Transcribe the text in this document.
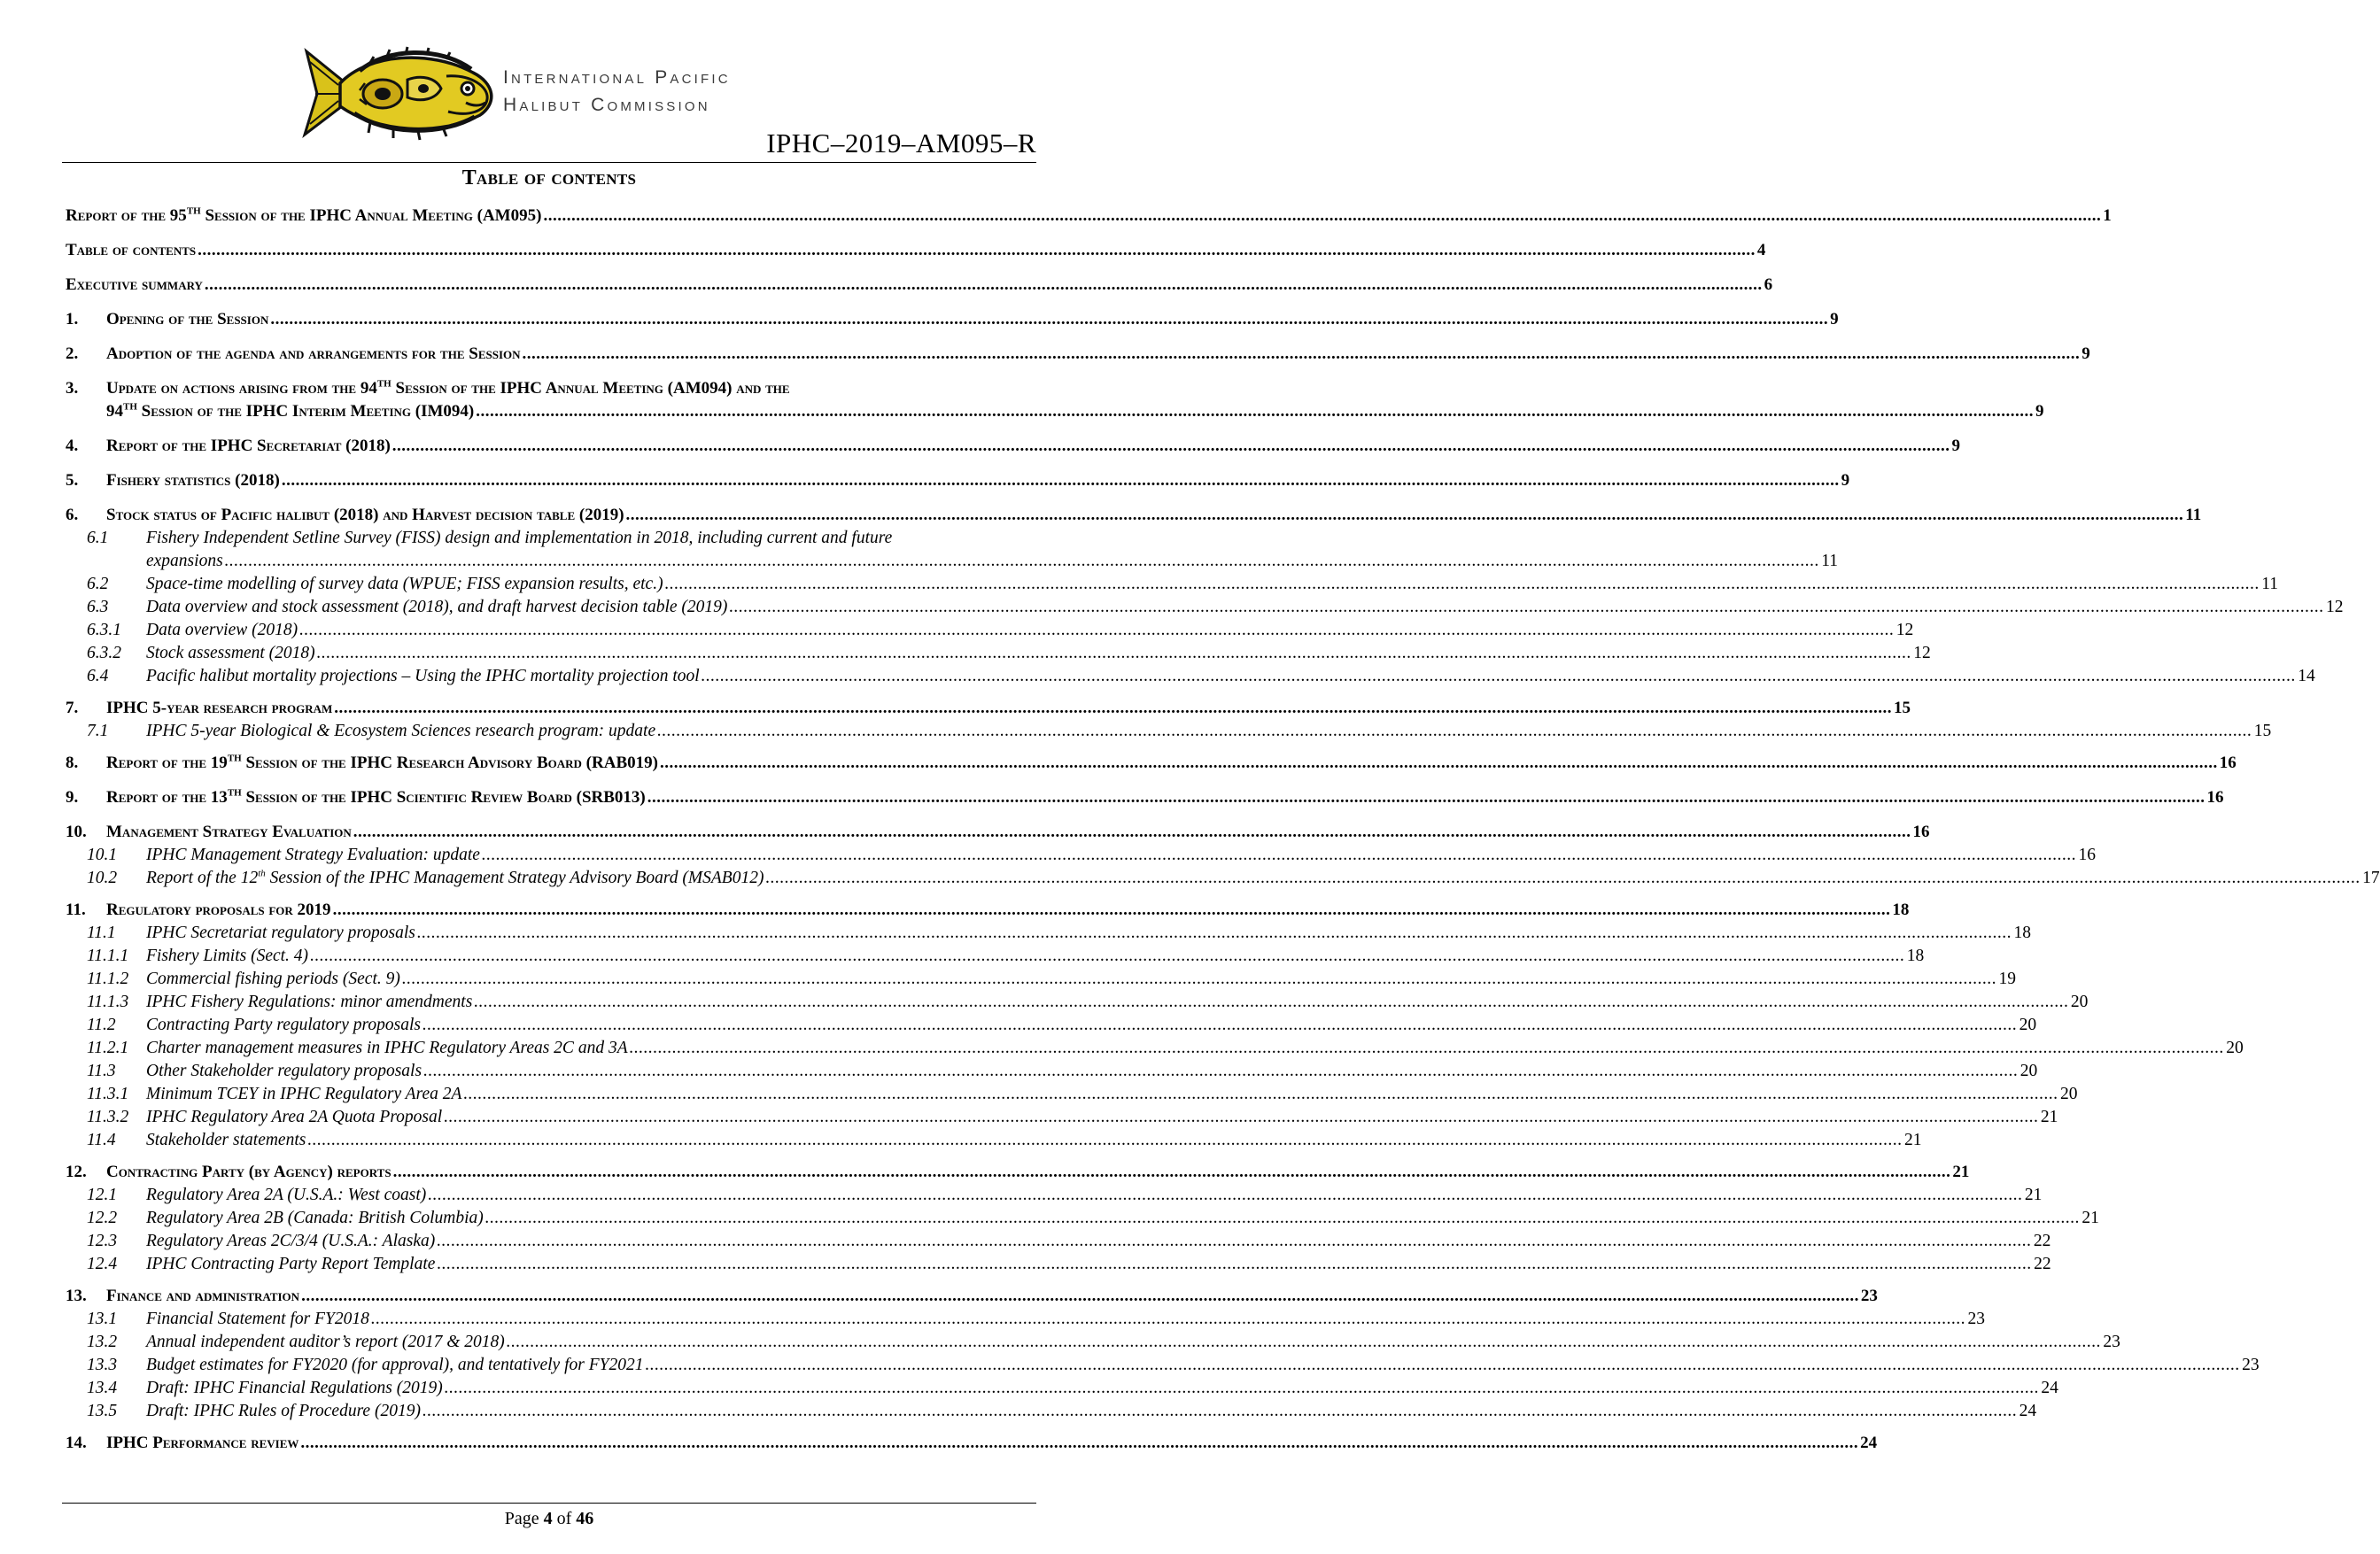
International Pacific
Halibut Commission
IPHC–2019–AM095–R
Table of contents
Report of the 95TH Session of the IPHC Annual Meeting (AM095) .....	1
Table of contents .....	4
Executive summary .....	6
1.	Opening of the Session .....	9
2.	Adoption of the agenda and arrangements for the Session .....	9
3.	Update on actions arising from the 94TH Session of the IPHC Annual Meeting (AM094) and the
94TH Session of the IPHC Interim Meeting (IM094) .....	9
4.	Report of the IPHC Secretariat (2018) .....	9
5.	Fishery statistics (2018) .....	9
6.	Stock status of Pacific halibut (2018) and Harvest decision table (2019) .....	11
6.1	Fishery Independent Setline Survey (FISS) design and implementation in 2018, including current and future
expansions .....	11
6.2	Space-time modelling of survey data (WPUE; FISS expansion results, etc.) .....	11
6.3	Data overview and stock assessment (2018), and draft harvest decision table (2019) .....	12
6.3.1	Data overview (2018) .....	12
6.3.2	Stock assessment (2018) .....	12
6.4	Pacific halibut mortality projections – Using the IPHC mortality projection tool .....	14
7.	IPHC 5-year research program .....	15
7.1	IPHC 5-year Biological & Ecosystem Sciences research program: update .....	15
8.	Report of the 19TH Session of the IPHC Research Advisory Board (RAB019) .....	16
9.	Report of the 13TH Session of the IPHC Scientific Review Board (SRB013) .....	16
10.	Management Strategy Evaluation .....	16
10.1	IPHC Management Strategy Evaluation: update .....	16
10.2	Report of the 12th Session of the IPHC Management Strategy Advisory Board (MSAB012) .....	17
11.	Regulatory proposals for 2019 .....	18
11.1	IPHC Secretariat regulatory proposals .....	18
11.1.1	Fishery Limits (Sect. 4) .....	18
11.1.2	Commercial fishing periods (Sect. 9) .....	19
11.1.3	IPHC Fishery Regulations: minor amendments .....	20
11.2	Contracting Party regulatory proposals .....	20
11.2.1	Charter management measures in IPHC Regulatory Areas 2C and 3A .....	20
11.3	Other Stakeholder regulatory proposals .....	20
11.3.1	Minimum TCEY in IPHC Regulatory Area 2A .....	20
11.3.2	IPHC Regulatory Area 2A Quota Proposal .....	21
11.4	Stakeholder statements .....	21
12.	Contracting Party (by Agency) reports .....	21
12.1	Regulatory Area 2A (U.S.A.: West coast) .....	21
12.2	Regulatory Area 2B (Canada: British Columbia) .....	21
12.3	Regulatory Areas 2C/3/4 (U.S.A.: Alaska) .....	22
12.4	IPHC Contracting Party Report Template .....	22
13.	Finance and administration .....	23
13.1	Financial Statement for FY2018 .....	23
13.2	Annual independent auditor’s report (2017 & 2018) .....	23
13.3	Budget estimates for FY2020 (for approval), and tentatively for FY2021 .....	23
13.4	Draft: IPHC Financial Regulations (2019) .....	24
13.5	Draft: IPHC Rules of Procedure (2019) .....	24
14.	IPHC Performance review .....	24
Page 4 of 46
